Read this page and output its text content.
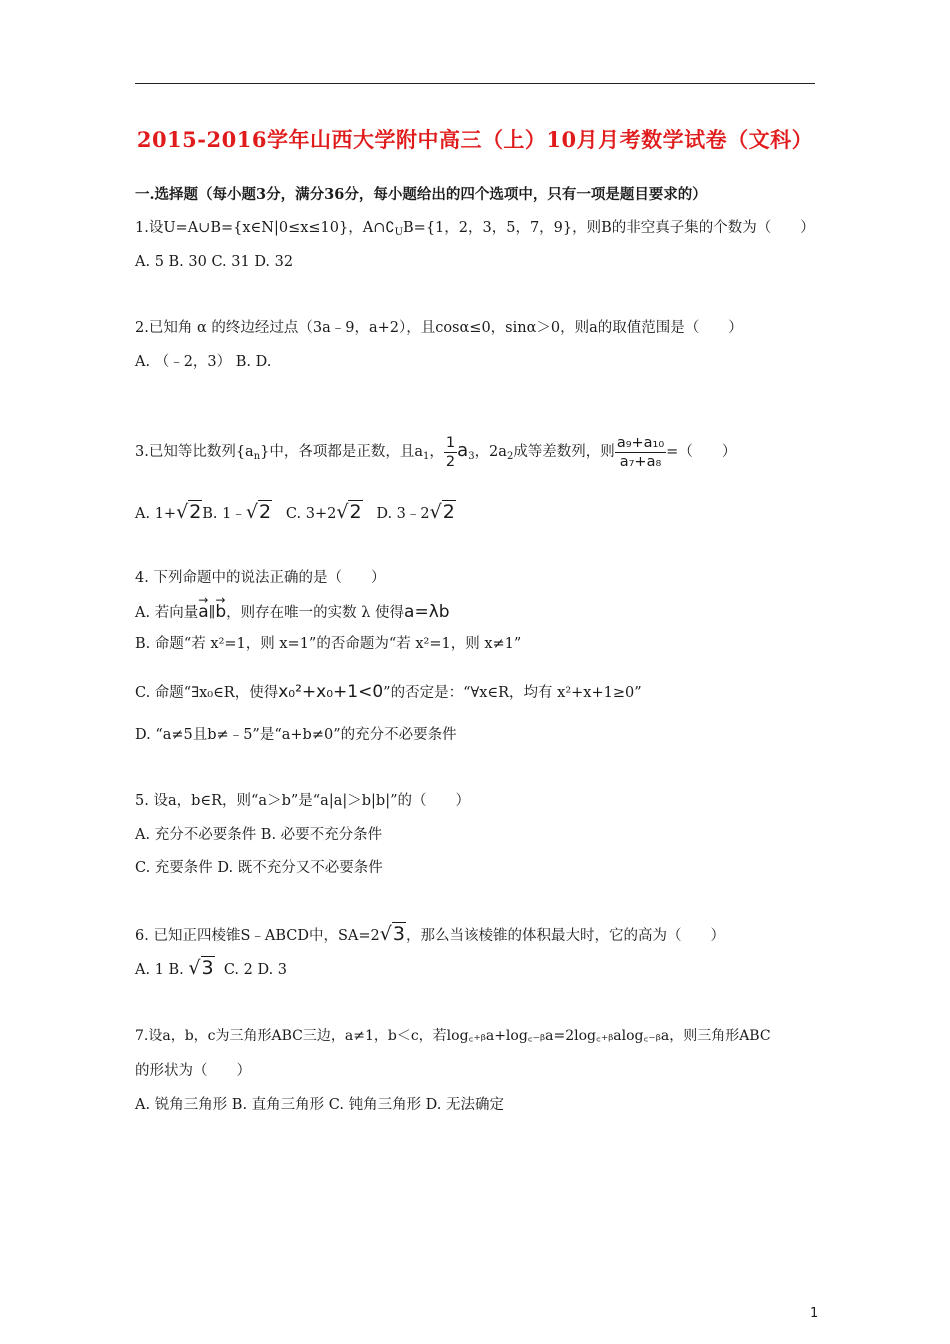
2015-2016学年山西大学附中高三（上）10月月考数学试卷（文科）
一.选择题（每小题3分，满分36分，每小题给出的四个选项中，只有一项是题目要求的）
1.设U=A∪B={x∈N|0≤x≤10}，$A\cap∁_UB=\{1$，2，3，5，7，9}，则B的非空真子集的个数为（　　）
A. 5 B. 30 C. 31 D. 32
2.已知角 α 的终边经过点（3a﹣9，a+2），且cosα≤0，sinα＞0，则a的取值范围是（　　）
A. （﹣2，3） B. D.
3.已知等比数列$\{a_n\}$中，各项都是正数，且$a_1$， $\frac{1}{2} a_3$，$2a_2$成等差数列，则 $\frac{\text{a₉+a₁₀}}{\text{a₇+a₈}}$ =（　　）
A. 1+√2B. 1﹣√2 C. 3+2√2 D. 3﹣2√2
4. 下列命题中的说法正确的是（　　）
A. 若向量→ a∥→ b，则存在唯一的实数 λ 使得a=λb
B. 命题“若 x²=1，则 x=1”的否命题为“若 x²=1，则 x≠1”
C. 命题“∃x₀∈R，使得x₀²+x₀+1<0”的否定是：“∀x∈R，均有 x²+x+1≥0”
D. “a≠5且b≠﹣5”是“a+b≠0”的充分不必要条件
5. 设a，b∈R，则“a＞b”是“a|a|＞b|b|”的（　　）
A. 充分不必要条件 B. 必要不充分条件
C. 充要条件 D. 既不充分又不必要条件
6. 已知正四棱锥S﹣ABCD中，SA=2√3，那么当该棱锥的体积最大时，它的高为（　　）
A. 1 B. √3 C. 2 D. 3
7.设a，b，c为三角形ABC三边，a≠1，b＜c，若log꜀₊ᵦa+log꜀₋ᵦa=2log꜀₊ᵦalog꜀₋ᵦa，则三角形ABC
的形状为（　　）
A. 锐角三角形 B. 直角三角形 C. 钝角三角形 D. 无法确定
1
